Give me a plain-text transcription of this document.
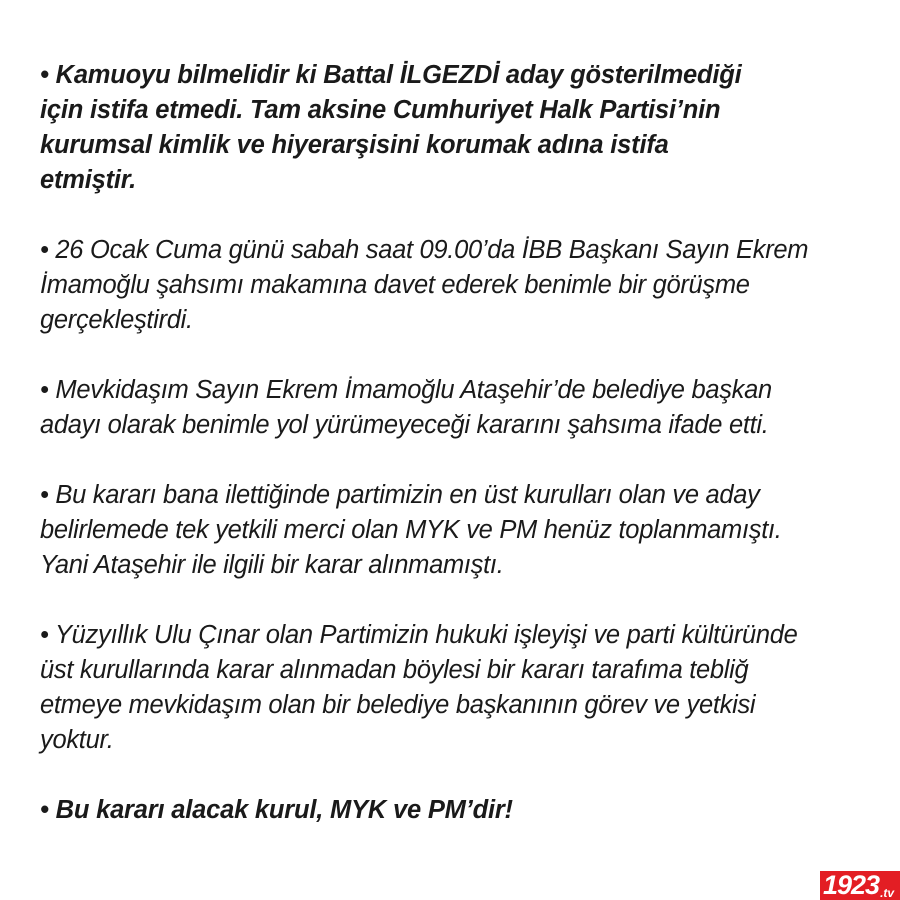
• Kamuoyu bilmelidir ki Battal İLGEZDİ aday gösterilmediği
için istifa etmedi. Tam aksine Cumhuriyet Halk Partisi’nin
kurumsal kimlik ve hiyerarşisini korumak adına istifa
etmiştir.

• 26 Ocak Cuma günü sabah saat 09.00’da İBB Başkanı Sayın Ekrem
İmamoğlu şahsımı makamına davet ederek benimle bir görüşme
gerçekleştirdi.

• Mevkidaşım Sayın Ekrem İmamoğlu Ataşehir’de belediye başkan
adayı olarak benimle yol yürümeyeceği kararını şahsıma ifade etti.

• Bu kararı bana ilettiğinde partimizin en üst kurulları olan ve aday
belirlemede tek yetkili merci olan MYK ve PM henüz toplanmamıştı.
Yani Ataşehir ile ilgili bir karar alınmamıştı.

• Yüzyıllık Ulu Çınar olan Partimizin hukuki işleyişi ve parti kültüründe
üst kurullarında karar alınmadan böylesi bir kararı tarafıma tebliğ
etmeye mevkidaşım olan bir belediye başkanının görev ve yetkisi
yoktur.

• Bu kararı alacak kurul, MYK ve PM’dir!

1923 .tv
